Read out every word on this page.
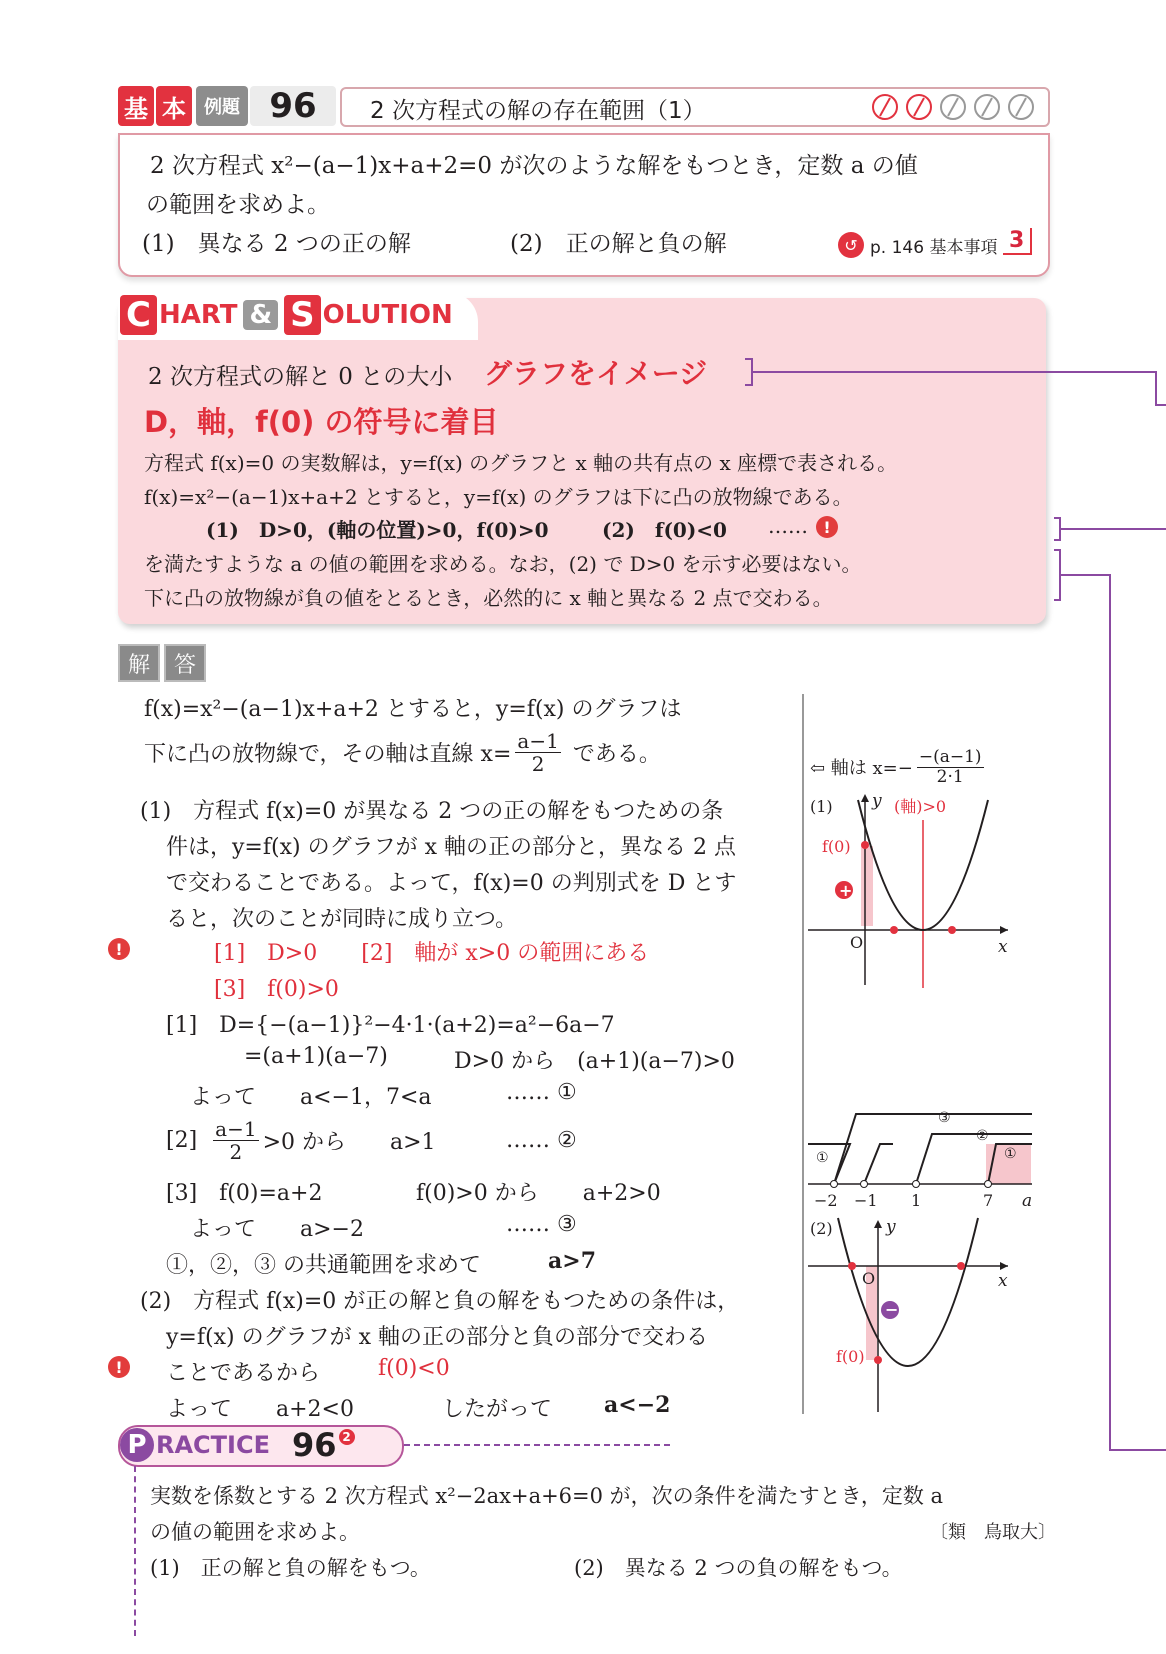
基 本	例題 96	2 次方程式の解の存在範囲（1）
2 次方程式 x²−(a−1)x+a+2=0 が次のような解をもつとき，定数 a の値
の範囲を求めよ。
(1)　異なる 2 つの正の解	(2)　正の解と負の解	↺ p. 146 基本事項 3
C HART & S OLUTION
2 次方程式の解と 0 との大小 グラフをイメージ
D，軸，f(0) の符号に着目
方程式 f(x)=0 の実数解は，y=f(x) のグラフと x 軸の共有点の x 座標で表される。
f(x)=x²−(a−1)x+a+2 とすると，y=f(x) のグラフは下に凸の放物線である。
(1)　D>0，(軸の位置)>0，f(0)>0	(2)　f(0)<0 …… !
を満たすような a の値の範囲を求める。なお，(2) で D>0 を示す必要はない。
下に凸の放物線が負の値をとるとき，必然的に x 軸と異なる 2 点で交わる。
解	答
f(x)=x²−(a−1)x+a+2 とすると，y=f(x) のグラフは
下に凸の放物線で，その軸は直線 $x= \frac{a-1}{2}$ である。
(1)　方程式 f(x)=0 が異なる 2 つの正の解をもつための条
件は，y=f(x) のグラフが x 軸の正の部分と，異なる 2 点
で交わることである。よって，f(x)=0 の判別式を D とす
ると，次のことが同時に成り立つ。
!	[1]　D>0　　[2]　軸が x>0 の範囲にある
[3]　f(0)>0
[1]　D={−(a−1)}²−4·1·(a+2)=a²−6a−7
=(a+1)(a−7)	D>0 から　(a+1)(a−7)>0
よって　　a<−1，7<a	…… ①
$[2] \frac{a-1}{2} >0$ から　　a>1	…… ②
[3]　f(0)=a+2	f(0)>0 から　　a+2>0
よって　　a>−2	…… ③
①，②，③ の共通範囲を求めて	a>7
(2)　方程式 f(x)=0 が正の解と負の解をもつための条件は，
y=f(x) のグラフが x 軸の正の部分と負の部分で交わる
!	ことであるから	f(0)<0
よって　　a+2<0	したがって a<−2
⇦ 軸は $x=- \frac{-(a-1)}{2\cdot 1}$
(1) y (軸)>0
f(0)
+
O	x
①
②
③
①
−2 −1 1	7 a
(2)	y
O	x
−
f(0)
P RACTICE 96 2
実数を係数とする 2 次方程式 x²−2ax+a+6=0 が，次の条件を満たすとき，定数 a
の値の範囲を求めよ。	〔類　鳥取大〕
(1)　正の解と負の解をもつ。	(2)　異なる 2 つの負の解をもつ。
